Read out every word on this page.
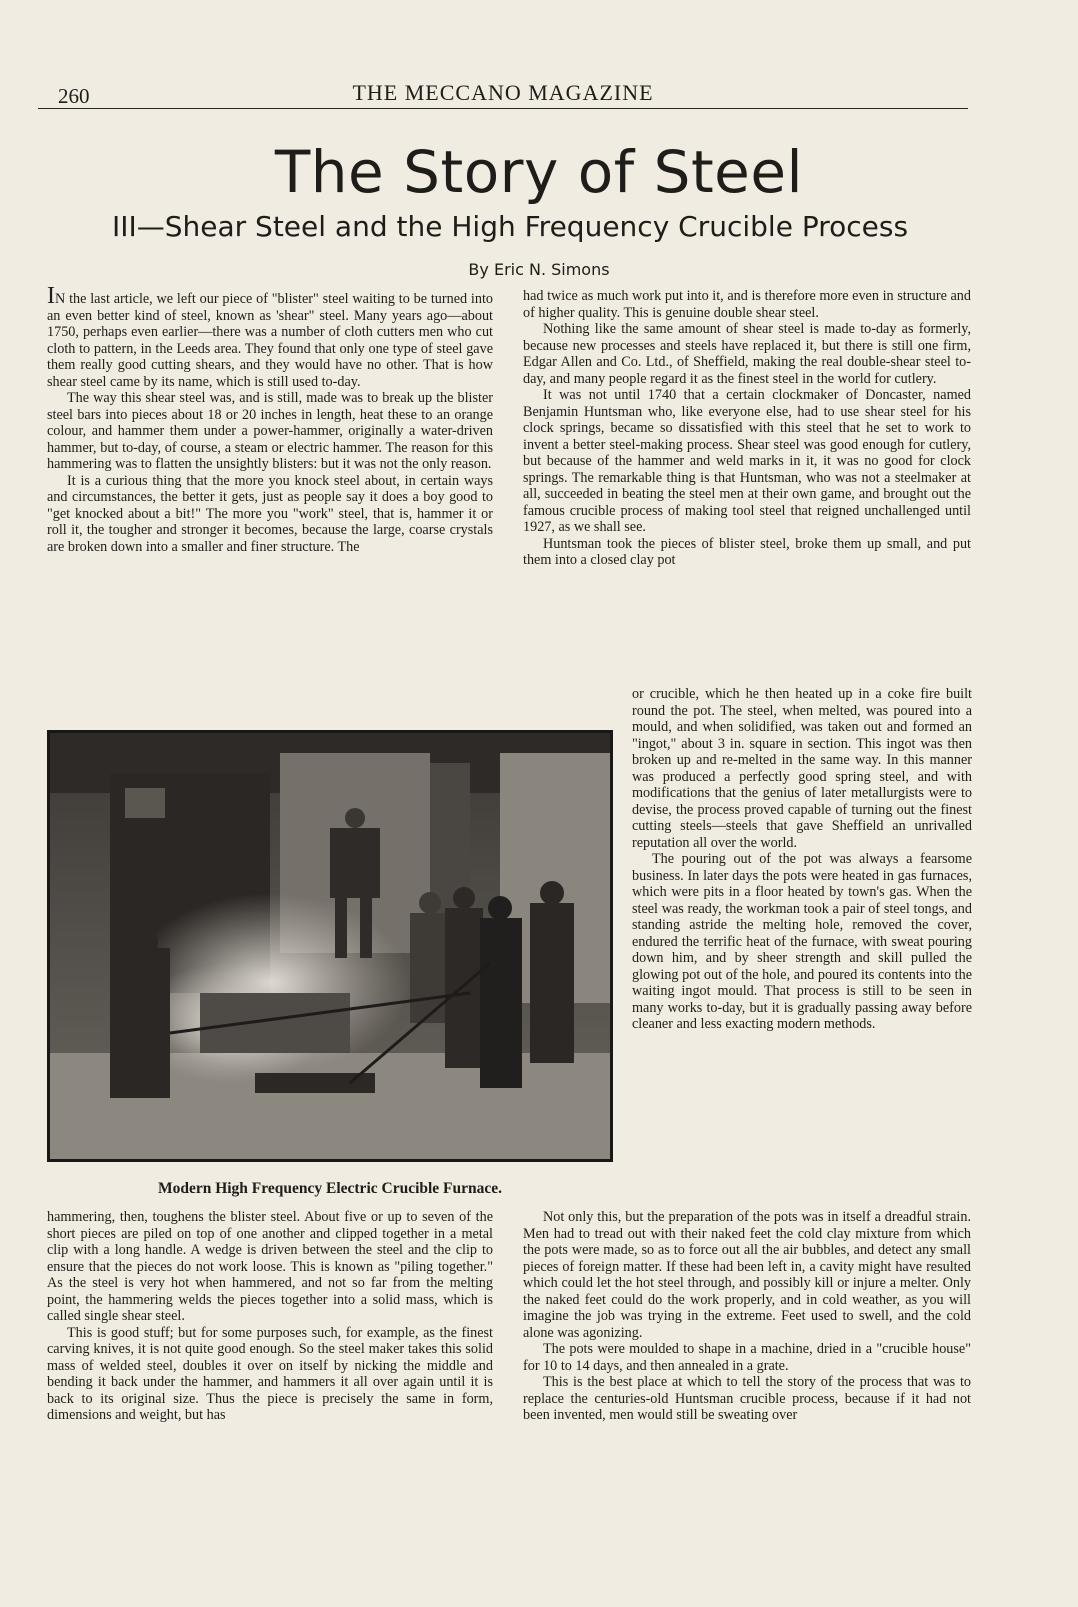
260	THE MECCANO MAGAZINE
The Story of Steel
III—Shear Steel and the High Frequency Crucible Process
By Eric N. Simons

IN the last article, we left our piece of "blister" steel waiting to be turned into an even better kind of steel, known as 'shear" steel. Many years ago—about 1750, perhaps even earlier—there was a number of cloth cutters men who cut cloth to pattern, in the Leeds area. They found that only one type of steel gave them really good cutting shears, and they would have no other. That is how shear steel came by its name, which is still used to-day.

The way this shear steel was, and is still, made was to break up the blister steel bars into pieces about 18 or 20 inches in length, heat these to an orange colour, and hammer them under a power-hammer, originally a water-driven hammer, but to-day, of course, a steam or electric hammer. The reason for this hammering was to flatten the unsightly blisters: but it was not the only reason.

It is a curious thing that the more you knock steel about, in certain ways and circumstances, the better it gets, just as people say it does a boy good to "get knocked about a bit!" The more you "work" steel, that is, hammer it or roll it, the tougher and stronger it becomes, because the large, coarse crystals are broken down into a smaller and finer structure. The

had twice as much work put into it, and is therefore more even in structure and of higher quality. This is genuine double shear steel.

Nothing like the same amount of shear steel is made to-day as formerly, because new processes and steels have replaced it, but there is still one firm, Edgar Allen and Co. Ltd., of Sheffield, making the real double-shear steel to-day, and many people regard it as the finest steel in the world for cutlery.

It was not until 1740 that a certain clockmaker of Doncaster, named Benjamin Huntsman who, like everyone else, had to use shear steel for his clock springs, became so dissatisfied with this steel that he set to work to invent a better steel-making process. Shear steel was good enough for cutlery, but because of the hammer and weld marks in it, it was no good for clock springs. The remarkable thing is that Huntsman, who was not a steelmaker at all, succeeded in beating the steel men at their own game, and brought out the famous crucible process of making tool steel that reigned unchallenged until 1927, as we shall see.

Huntsman took the pieces of blister steel, broke them up small, and put them into a closed clay pot

Modern High Frequency Electric Crucible Furnace.

or crucible, which he then heated up in a coke fire built round the pot. The steel, when melted, was poured into a mould, and when solidified, was taken out and formed an "ingot," about 3 in. square in section. This ingot was then broken up and re-melted in the same way. In this manner was produced a perfectly good spring steel, and with modifications that the genius of later metallurgists were to devise, the process proved capable of turning out the finest cutting steels—steels that gave Sheffield an unrivalled reputation all over the world.

The pouring out of the pot was always a fearsome business. In later days the pots were heated in gas furnaces, which were pits in a floor heated by town's gas. When the steel was ready, the workman took a pair of steel tongs, and standing astride the melting hole, removed the cover, endured the terrific heat of the furnace, with sweat pouring down him, and by sheer strength and skill pulled the glowing pot out of the hole, and poured its contents into the waiting ingot mould. That process is still to be seen in many works to-day, but it is gradually passing away before cleaner and less exacting modern methods.

hammering, then, toughens the blister steel. About five or up to seven of the short pieces are piled on top of one another and clipped together in a metal clip with a long handle. A wedge is driven between the steel and the clip to ensure that the pieces do not work loose. This is known as "piling together." As the steel is very hot when hammered, and not so far from the melting point, the hammering welds the pieces together into a solid mass, which is called single shear steel.

This is good stuff; but for some purposes such, for example, as the finest carving knives, it is not quite good enough. So the steel maker takes this solid mass of welded steel, doubles it over on itself by nicking the middle and bending it back under the hammer, and hammers it all over again until it is back to its original size. Thus the piece is precisely the same in form, dimensions and weight, but has

Not only this, but the preparation of the pots was in itself a dreadful strain. Men had to tread out with their naked feet the cold clay mixture from which the pots were made, so as to force out all the air bubbles, and detect any small pieces of foreign matter. If these had been left in, a cavity might have resulted which could let the hot steel through, and possibly kill or injure a melter. Only the naked feet could do the work properly, and in cold weather, as you will imagine the job was trying in the extreme. Feet used to swell, and the cold alone was agonizing.

The pots were moulded to shape in a machine, dried in a "crucible house" for 10 to 14 days, and then annealed in a grate.

This is the best place at which to tell the story of the process that was to replace the centuries-old Huntsman crucible process, because if it had not been invented, men would still be sweating over
